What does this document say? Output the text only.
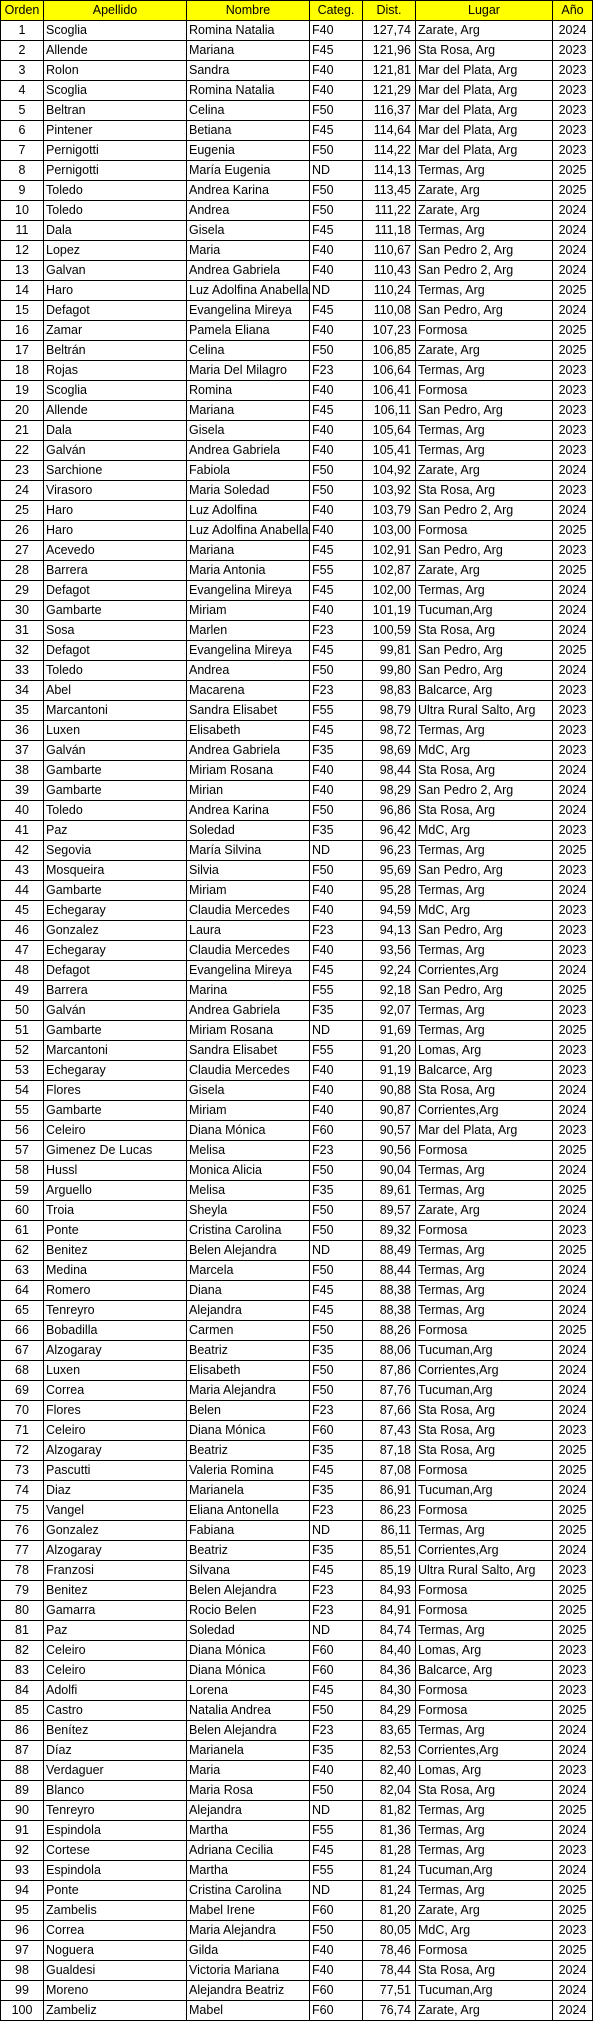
Orden	Apellido	Nombre	Categ.	Dist.	Lugar	Año
1	Scoglia	Romina Natalia	F40	127,74	Zarate, Arg	2024
2	Allende	Mariana	F45	121,96	Sta Rosa, Arg	2023
3	Rolon	Sandra	F40	121,81	Mar del Plata, Arg	2023
4	Scoglia	Romina Natalia	F40	121,29	Mar del Plata, Arg	2023
5	Beltran	Celina	F50	116,37	Mar del Plata, Arg	2023
6	Pintener	Betiana	F45	114,64	Mar del Plata, Arg	2023
7	Pernigotti	Eugenia	F50	114,22	Mar del Plata, Arg	2023
8	Pernigotti	María Eugenia	ND	114,13	Termas, Arg	2025
9	Toledo	Andrea Karina	F50	113,45	Zarate, Arg	2025
10	Toledo	Andrea	F50	111,22	Zarate, Arg	2024
11	Dala	Gisela	F45	111,18	Termas, Arg	2024
12	Lopez	Maria	F40	110,67	San Pedro 2, Arg	2024
13	Galvan	Andrea Gabriela	F40	110,43	San Pedro 2, Arg	2024
14	Haro	Luz Adolfina Anabella	ND	110,24	Termas, Arg	2025
15	Defagot	Evangelina Mireya	F45	110,08	San Pedro, Arg	2024
16	Zamar	Pamela Eliana	F40	107,23	Formosa	2025
17	Beltrán	Celina	F50	106,85	Zarate, Arg	2025
18	Rojas	Maria Del Milagro	F23	106,64	Termas, Arg	2023
19	Scoglia	Romina	F40	106,41	Formosa	2023
20	Allende	Mariana	F45	106,11	San Pedro, Arg	2023
21	Dala	Gisela	F40	105,64	Termas, Arg	2023
22	Galván	Andrea Gabriela	F40	105,41	Termas, Arg	2023
23	Sarchione	Fabiola	F50	104,92	Zarate, Arg	2024
24	Virasoro	Maria Soledad	F50	103,92	Sta Rosa, Arg	2023
25	Haro	Luz Adolfina	F40	103,79	San Pedro 2, Arg	2024
26	Haro	Luz Adolfina Anabella	F40	103,00	Formosa	2025
27	Acevedo	Mariana	F45	102,91	San Pedro, Arg	2023
28	Barrera	Maria Antonia	F55	102,87	Zarate, Arg	2025
29	Defagot	Evangelina Mireya	F45	102,00	Termas, Arg	2024
30	Gambarte	Miriam	F40	101,19	Tucuman,Arg	2024
31	Sosa	Marlen	F23	100,59	Sta Rosa, Arg	2024
32	Defagot	Evangelina Mireya	F45	99,81	San Pedro, Arg	2025
33	Toledo	Andrea	F50	99,80	San Pedro, Arg	2024
34	Abel	Macarena	F23	98,83	Balcarce, Arg	2023
35	Marcantoni	Sandra Elisabet	F55	98,79	Ultra Rural Salto, Arg	2023
36	Luxen	Elisabeth	F45	98,72	Termas, Arg	2023
37	Galván	Andrea Gabriela	F35	98,69	MdC, Arg	2023
38	Gambarte	Miriam Rosana	F40	98,44	Sta Rosa, Arg	2024
39	Gambarte	Mirian	F40	98,29	San Pedro 2, Arg	2024
40	Toledo	Andrea Karina	F50	96,86	Sta Rosa, Arg	2024
41	Paz	Soledad	F35	96,42	MdC, Arg	2023
42	Segovia	María Silvina	ND	96,23	Termas, Arg	2025
43	Mosqueira	Silvia	F50	95,69	San Pedro, Arg	2023
44	Gambarte	Miriam	F40	95,28	Termas, Arg	2024
45	Echegaray	Claudia Mercedes	F40	94,59	MdC, Arg	2023
46	Gonzalez	Laura	F23	94,13	San Pedro, Arg	2023
47	Echegaray	Claudia Mercedes	F40	93,56	Termas, Arg	2023
48	Defagot	Evangelina Mireya	F45	92,24	Corrientes,Arg	2024
49	Barrera	Marina	F55	92,18	San Pedro, Arg	2025
50	Galván	Andrea Gabriela	F35	92,07	Termas, Arg	2023
51	Gambarte	Miriam Rosana	ND	91,69	Termas, Arg	2025
52	Marcantoni	Sandra Elisabet	F55	91,20	Lomas, Arg	2023
53	Echegaray	Claudia Mercedes	F40	91,19	Balcarce, Arg	2023
54	Flores	Gisela	F40	90,88	Sta Rosa, Arg	2024
55	Gambarte	Miriam	F40	90,87	Corrientes,Arg	2024
56	Celeiro	Diana Mónica	F60	90,57	Mar del Plata, Arg	2023
57	Gimenez De Lucas	Melisa	F23	90,56	Formosa	2025
58	Hussl	Monica Alicia	F50	90,04	Termas, Arg	2024
59	Arguello	Melisa	F35	89,61	Termas, Arg	2025
60	Troia	Sheyla	F50	89,57	Zarate, Arg	2024
61	Ponte	Cristina Carolina	F50	89,32	Formosa	2023
62	Benitez	Belen Alejandra	ND	88,49	Termas, Arg	2025
63	Medina	Marcela	F50	88,44	Termas, Arg	2024
64	Romero	Diana	F45	88,38	Termas, Arg	2024
65	Tenreyro	Alejandra	F45	88,38	Termas, Arg	2024
66	Bobadilla	Carmen	F50	88,26	Formosa	2025
67	Alzogaray	Beatriz	F35	88,06	Tucuman,Arg	2024
68	Luxen	Elisabeth	F50	87,86	Corrientes,Arg	2024
69	Correa	Maria Alejandra	F50	87,76	Tucuman,Arg	2024
70	Flores	Belen	F23	87,66	Sta Rosa, Arg	2024
71	Celeiro	Diana Mónica	F60	87,43	Sta Rosa, Arg	2023
72	Alzogaray	Beatriz	F35	87,18	Sta Rosa, Arg	2025
73	Pascutti	Valeria Romina	F45	87,08	Formosa	2025
74	Diaz	Marianela	F35	86,91	Tucuman,Arg	2024
75	Vangel	Eliana Antonella	F23	86,23	Formosa	2025
76	Gonzalez	Fabiana	ND	86,11	Termas, Arg	2025
77	Alzogaray	Beatriz	F35	85,51	Corrientes,Arg	2024
78	Franzosi	Silvana	F45	85,19	Ultra Rural Salto, Arg	2023
79	Benitez	Belen Alejandra	F23	84,93	Formosa	2025
80	Gamarra	Rocio Belen	F23	84,91	Formosa	2025
81	Paz	Soledad	ND	84,74	Termas, Arg	2025
82	Celeiro	Diana Mónica	F60	84,40	Lomas, Arg	2023
83	Celeiro	Diana Mónica	F60	84,36	Balcarce, Arg	2023
84	Adolfi	Lorena	F45	84,30	Formosa	2023
85	Castro	Natalia Andrea	F50	84,29	Formosa	2025
86	Benítez	Belen Alejandra	F23	83,65	Termas, Arg	2024
87	Díaz	Marianela	F35	82,53	Corrientes,Arg	2024
88	Verdaguer	Maria	F40	82,40	Lomas, Arg	2023
89	Blanco	Maria Rosa	F50	82,04	Sta Rosa, Arg	2024
90	Tenreyro	Alejandra	ND	81,82	Termas, Arg	2025
91	Espindola	Martha	F55	81,36	Termas, Arg	2024
92	Cortese	Adriana Cecilia	F45	81,28	Termas, Arg	2023
93	Espindola	Martha	F55	81,24	Tucuman,Arg	2024
94	Ponte	Cristina Carolina	ND	81,24	Termas, Arg	2025
95	Zambelis	Mabel Irene	F60	81,20	Zarate, Arg	2025
96	Correa	Maria Alejandra	F50	80,05	MdC, Arg	2023
97	Noguera	Gilda	F40	78,46	Formosa	2025
98	Gualdesi	Victoria Mariana	F40	78,44	Sta Rosa, Arg	2024
99	Moreno	Alejandra Beatriz	F60	77,51	Tucuman,Arg	2024
100	Zambeliz	Mabel	F60	76,74	Zarate, Arg	2024
